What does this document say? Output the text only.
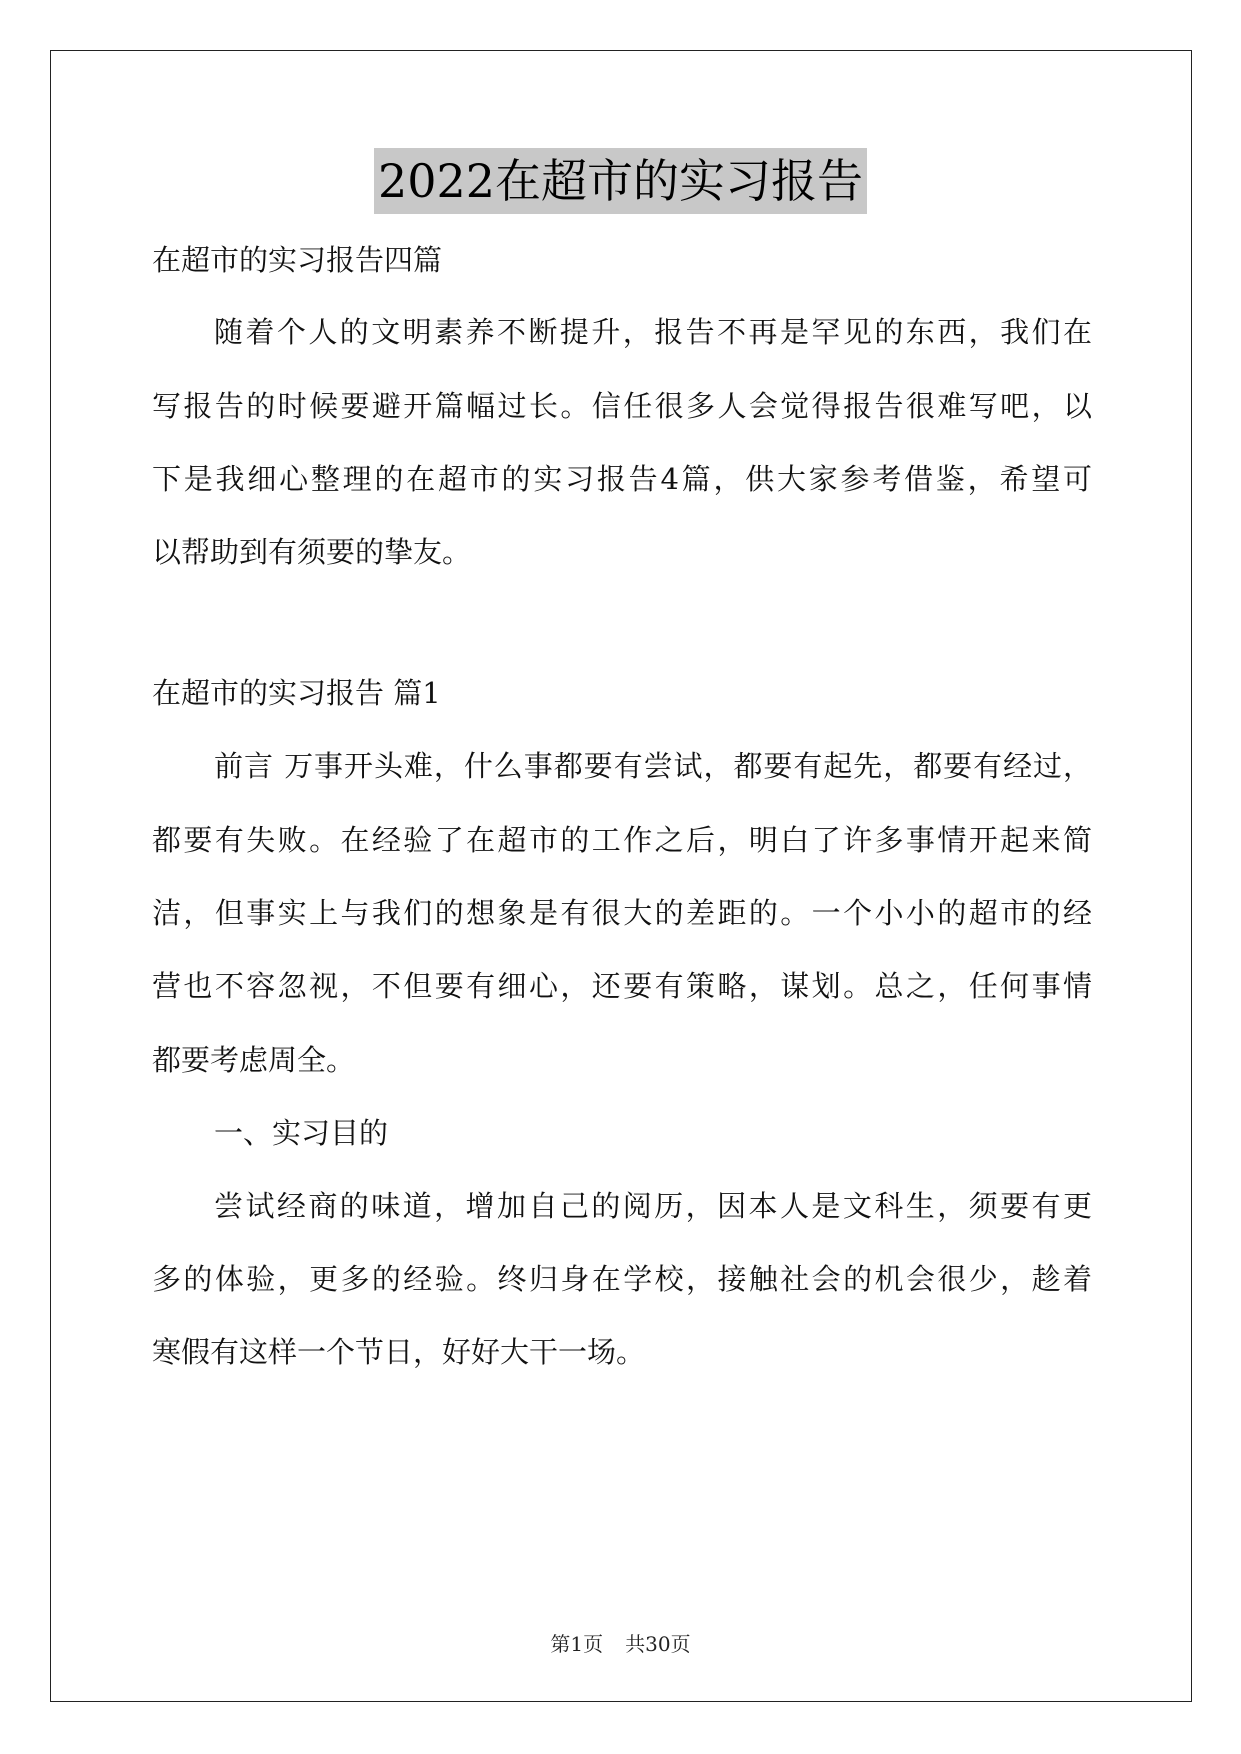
2022在超市的实习报告
在超市的实习报告四篇
随着个人的文明素养不断提升，报告不再是罕见的东西，我们在
写报告的时候要避开篇幅过长。信任很多人会觉得报告很难写吧，以
下是我细心整理的在超市的实习报告4篇，供大家参考借鉴，希望可
以帮助到有须要的挚友。
在超市的实习报告 篇1
前言 万事开头难，什么事都要有尝试，都要有起先，都要有经过，
都要有失败。在经验了在超市的工作之后，明白了许多事情开起来简
洁，但事实上与我们的想象是有很大的差距的。一个小小的超市的经
营也不容忽视，不但要有细心，还要有策略，谋划。总之，任何事情
都要考虑周全。
一、实习目的
尝试经商的味道，增加自己的阅历，因本人是文科生，须要有更
多的体验，更多的经验。终归身在学校，接触社会的机会很少，趁着
寒假有这样一个节日，好好大干一场。
第1页 共30页
